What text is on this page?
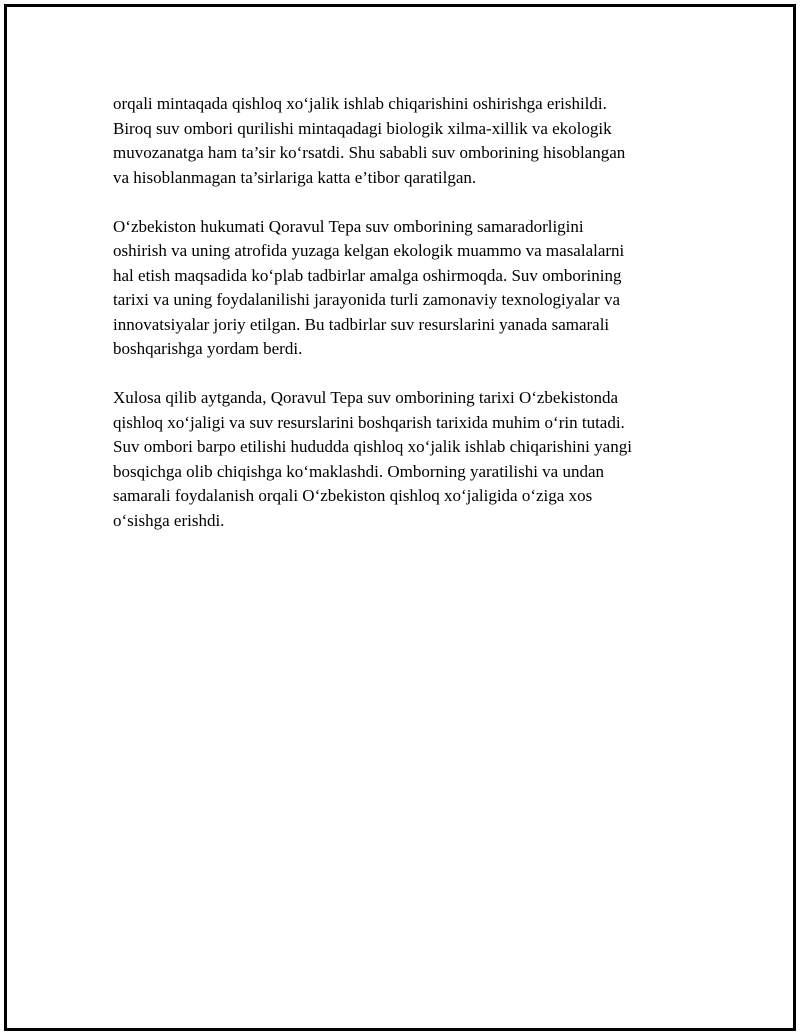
orqali mintaqada qishloq xo‘jalik ishlab chiqarishini oshirishga erishildi.
Biroq suv ombori qurilishi mintaqadagi biologik xilma-xillik va ekologik
muvozanatga ham ta’sir ko‘rsatdi. Shu sababli suv omborining hisoblangan
va hisoblanmagan ta’sirlariga katta e’tibor qaratilgan.

O‘zbekiston hukumati Qoravul Tepa suv omborining samaradorligini
oshirish va uning atrofida yuzaga kelgan ekologik muammo va masalalarni
hal etish maqsadida ko‘plab tadbirlar amalga oshirmoqda. Suv omborining
tarixi va uning foydalanilishi jarayonida turli zamonaviy texnologiyalar va
innovatsiyalar joriy etilgan. Bu tadbirlar suv resurslarini yanada samarali
boshqarishga yordam berdi.

Xulosa qilib aytganda, Qoravul Tepa suv omborining tarixi O‘zbekistonda
qishloq xo‘jaligi va suv resurslarini boshqarish tarixida muhim o‘rin tutadi.
Suv ombori barpo etilishi hududda qishloq xo‘jalik ishlab chiqarishini yangi
bosqichga olib chiqishga ko‘maklashdi. Omborning yaratilishi va undan
samarali foydalanish orqali O‘zbekiston qishloq xo‘jaligida o‘ziga xos
o‘sishga erishdi.
